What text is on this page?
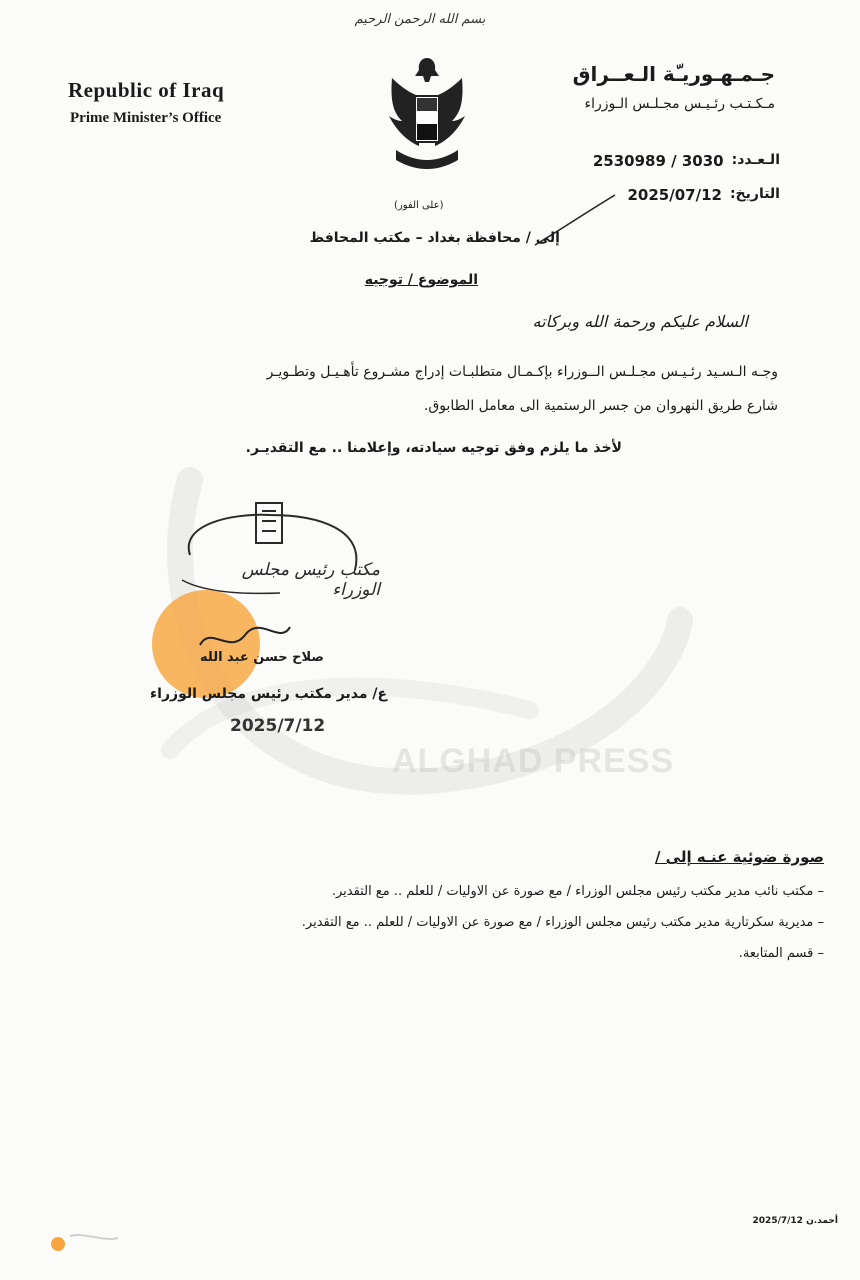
ALGHAD PRESS
بسم الله الرحمن الرحيم
Republic of Iraq
Prime Minister’s Office
جـمـهـوريـّة الـعــراق
مـكـتـب رئـيـس مجـلـس الـوزراء
الـعـدد:
2530989 / 3030
التاريخ:
2025/07/12
(على الفور)
إلى / محافظة بغداد – مكتب المحافظ
الموضوع / توجيه
السلام عليكم ورحمة الله وبركاته
وجـه الـسـيد رئـيـس مجـلـس الــوزراء بإكـمـال متطلبـات إدراج مشـروع تأهـيـل وتطـويـر
شارع طريق النهروان من جسر الرستمية الى معامل الطابوق.
لأخذ ما يلزم وفق توجيه سيادته، وإعلامنا .. مع التقديـر.
مكتب رئيس مجلس الوزراء
صلاح حسن عبد الله
ع/ مدير مكتب رئيس مجلس الوزراء
2025/7/12
صورة ضوئية عنـه إلى /
– مكتب نائب مدير مكتب رئيس مجلس الوزراء / مع صورة عن الاوليات / للعلم .. مع التقدير.
– مديرية سكرتارية مدير مكتب رئيس مجلس الوزراء / مع صورة عن الاوليات / للعلم .. مع التقدير.
– قسم المتابعة.
أحمد.ن 2025/7/12
